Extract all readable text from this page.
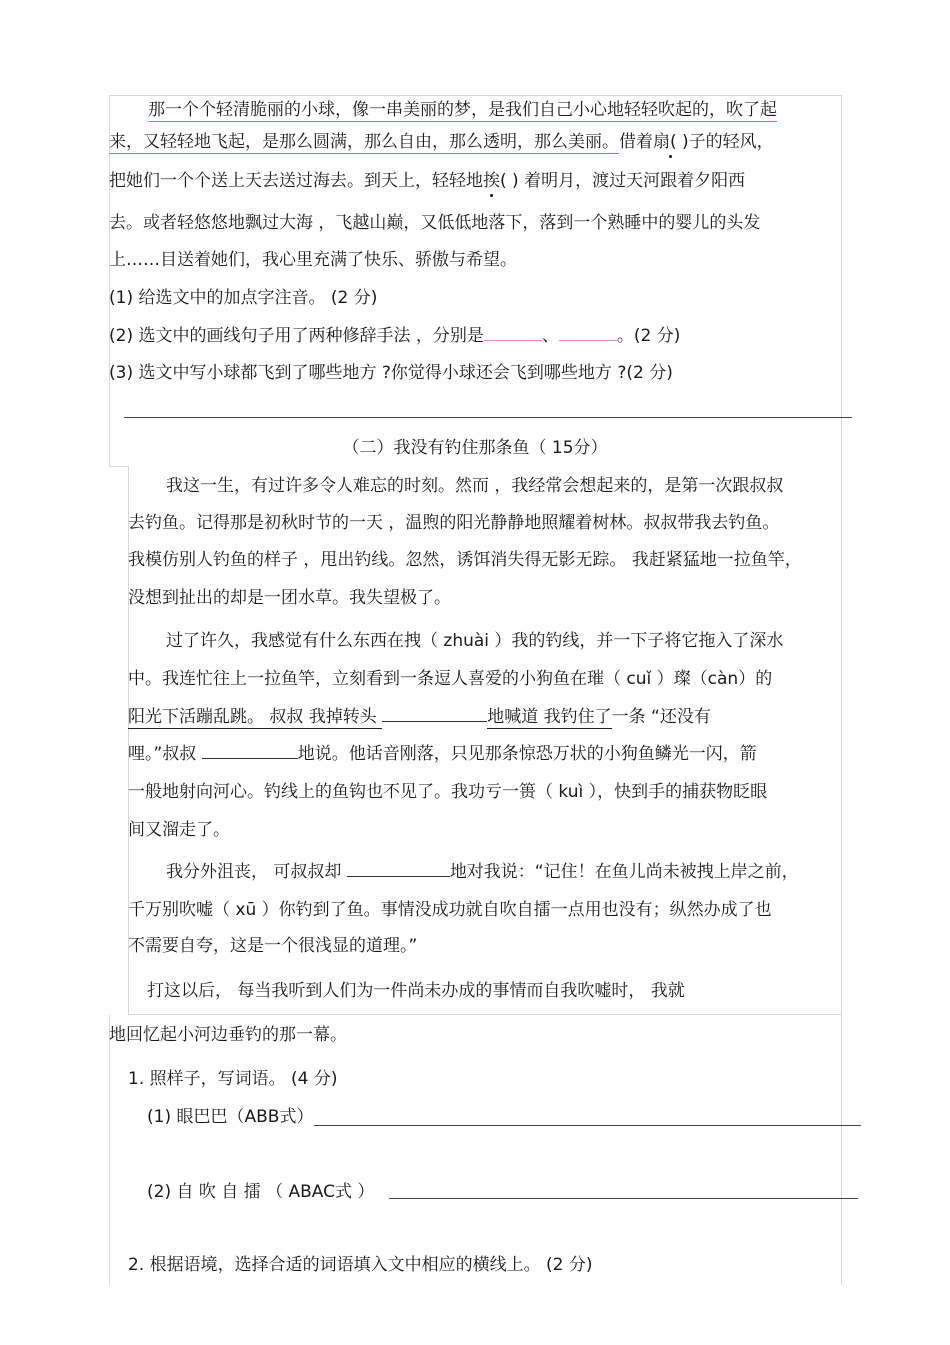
那一个个轻清脆丽的小球，像一串美丽的梦，是我们自己小心地轻轻吹起的，吹了起
来，又轻轻地飞起，是那么圆满，那么自由，那么透明，那么美丽。借着扇( )子的轻风，
把她们一个个送上天去送过海去。到天上，轻轻地挨( ) 着明月，渡过天河跟着夕阳西
去。或者轻悠悠地飘过大海 ，飞越山巅，又低低地落下，落到一个熟睡中的婴儿的头发
上……目送着她们，我心里充满了快乐、骄傲与希望。
(1) 给选文中的加点字注音。 (2 分)
(2) 选文中的画线句子用了两种修辞手法 ，分别是	、	。(2 分)
(3) 选文中写小球都飞到了哪些地方 ?你觉得小球还会飞到哪些地方 ?(2 分)
（二）我没有钓住那条鱼（ 15分）
我这一生，有过许多令人难忘的时刻。然而 ，我经常会想起来的，是第一次跟叔叔
去钓鱼。记得那是初秋时节的一天 ，温煦的阳光静静地照耀着树林。叔叔带我去钓鱼。
我模仿别人钓鱼的样子 ，甩出钓线。忽然，诱饵消失得无影无踪。 我赶紧猛地一拉鱼竿，
没想到扯出的却是一团水草。我失望极了。
过了许久，我感觉有什么东西在拽（ zhuài ）我的钓线，并一下子将它拖入了深水
中。我连忙往上一拉鱼竿，立刻看到一条逗人喜爱的小狗鱼在璀（ cuǐ ）璨（càn）的
阳光下活蹦乱跳。 叔叔 我掉转头	地喊道 我钓住了一条 “还没有
哩。”叔叔	地说。他话音刚落，只见那条惊恐万状的小狗鱼鳞光一闪，箭
一般地射向河心。钓线上的鱼钩也不见了。我功亏一篑（ kuì ），快到手的捕获物眨眼
间又溜走了。
我分外沮丧， 可叔叔却	地对我说：“记住！在鱼儿尚未被拽上岸之前，
千万别吹嘘（ xū ）你钓到了鱼。事情没成功就自吹自擂一点用也没有；纵然办成了也
不需要自夸，这是一个很浅显的道理。”
打这以后， 每当我听到人们为一件尚未办成的事情而自我吹嘘时， 我就
地回忆起小河边垂钓的那一幕。
1. 照样子，写词语。 (4 分)
(1) 眼巴巴（ABB式）
(2) 自 吹 自 擂 （ ABAC式 ）
2. 根据语境，选择合适的词语填入文中相应的横线上。 (2 分)
